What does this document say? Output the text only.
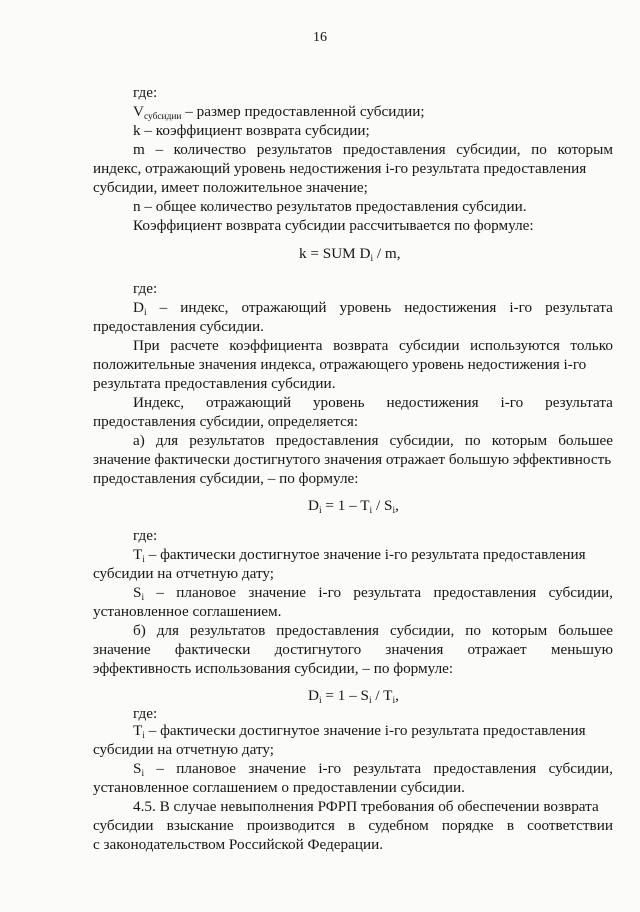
16
где:
$V_{субсидии}$ – размер предоставленной субсидии;
k – коэффициент возврата субсидии;
m – количество результатов предоставления субсидии, по которым
индекс, отражающий уровень недостижения i-го результата предоставления
субсидии, имеет положительное значение;
n – общее количество результатов предоставления субсидии.
Коэффициент возврата субсидии рассчитывается по формуле:
k = SUM $D_i$ / m,
где:
$D_i$ – индекс, отражающий уровень недостижения i-го результата
предоставления субсидии.
При расчете коэффициента возврата субсидии используются только
положительные значения индекса, отражающего уровень недостижения i-го
результата предоставления субсидии.
Индекс, отражающий уровень недостижения i-го результата
предоставления субсидии, определяется:
а) для результатов предоставления субсидии, по которым большее
значение фактически достигнутого значения отражает большую эффективность
предоставления субсидии, – по формуле:
$D_i = 1 - T_i / S_i$,
где:
$T_i$ – фактически достигнутое значение i-го результата предоставления
субсидии на отчетную дату;
$S_i$ – плановое значение i-го результата предоставления субсидии,
установленное соглашением.
б) для результатов предоставления субсидии, по которым большее
значение фактически достигнутого значения отражает меньшую
эффективность использования субсидии, – по формуле:
$D_i = 1 - S_i / T_i$,
где:
$T_i$ – фактически достигнутое значение i-го результата предоставления
субсидии на отчетную дату;
$S_i$ – плановое значение i-го результата предоставления субсидии,
установленное соглашением о предоставлении субсидии.
4.5. В случае невыполнения РФРП требования об обеспечении возврата
субсидии взыскание производится в судебном порядке в соответствии
с законодательством Российской Федерации.
